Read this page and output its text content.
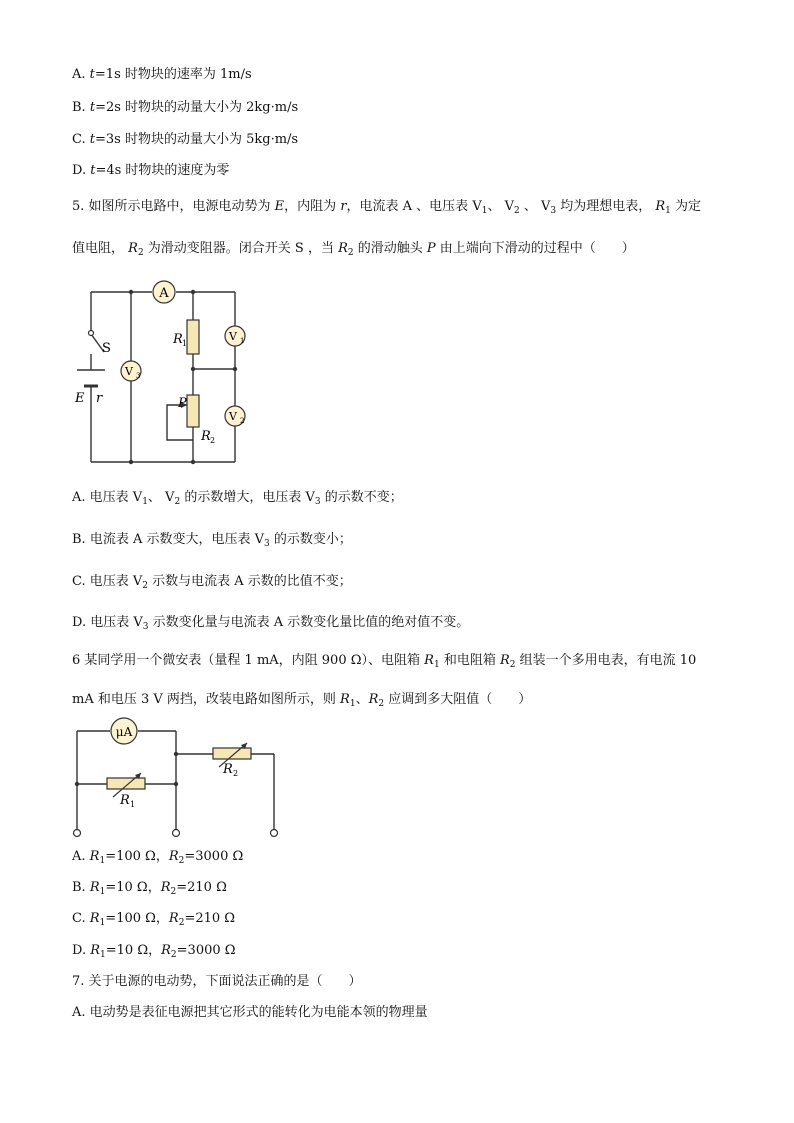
A. t=1s 时物块的速率为 1m/s
B. t=2s 时物块的动量大小为 2kg·m/s
C. t=3s 时物块的动量大小为 5kg·m/s
D. t=4s 时物块的速度为零
5. 如图所示电路中，电源电动势为 E，内阻为 r，电流表 A 、电压表 $V_1$、 $V_2$ 、 $V_3$ 均为理想电表， $R_1$ 为定
值电阻， $R_2$ 为滑动变阻器。闭合开关 S ，当 $R_2$ 的滑动触头 P 由上端向下滑动的过程中（　　）
A
V 3
V 1
V 2
R 1
P
R 2
S
E r
A. 电压表 $V_1$、 $V_2$ 的示数增大，电压表 $V_3$ 的示数不变；
B. 电流表 A 示数变大，电压表 $V_3$ 的示数变小；
C. 电压表 $V_2$ 示数与电流表 A 示数的比值不变；
D. 电压表 $V_3$ 示数变化量与电流表 A 示数变化量比值的绝对值不变。
6 某同学用一个微安表（量程 1 mA，内阻 900 Ω）、电阻箱 $R_1$ 和电阻箱 $R_2$ 组装一个多用电表，有电流 10
mA 和电压 3 V 两挡，改装电路如图所示，则 $R_1$、$R_2$ 应调到多大阻值（　　）
μA
R 1
R 2
A. $R_1=100$ Ω，$R_2=3000$ Ω
B. $R_1=10$ Ω，$R_2=210$ Ω
C. $R_1=100$ Ω，$R_2=210$ Ω
D. $R_1=10$ Ω，$R_2=3000$ Ω
7. 关于电源的电动势，下面说法正确的是（　　）
A. 电动势是表征电源把其它形式的能转化为电能本领的物理量
